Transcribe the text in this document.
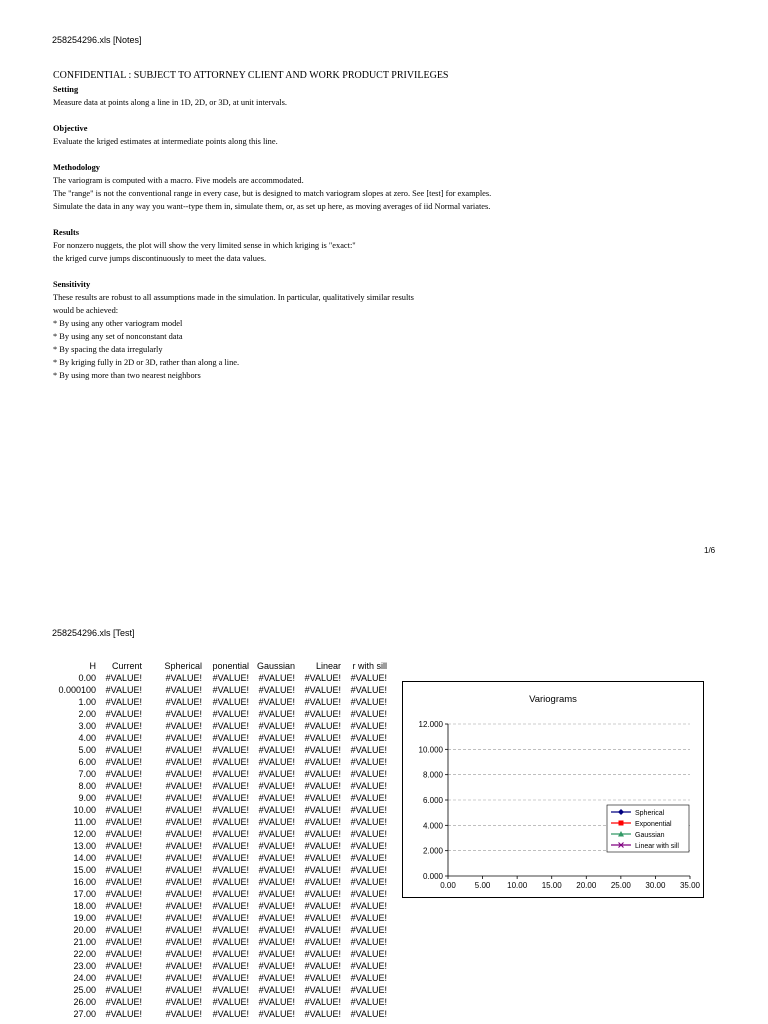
258254296.xls [Notes]
CONFIDENTIAL : SUBJECT TO ATTORNEY CLIENT AND WORK PRODUCT PRIVILEGES
Setting
Measure data at points along a line in 1D, 2D, or 3D, at unit intervals.
Objective
Evaluate the kriged estimates at intermediate points along this line.
Methodology
The variogram is computed with a macro. Five models are accommodated.
The "range" is not the conventional range in every case, but is designed to match variogram slopes at zero. See [test] for examples.
Simulate the data in any way you want--type them in, simulate them, or, as set up here, as moving averages of iid Normal variates.
Results
For nonzero nuggets, the plot will show the very limited sense in which kriging is "exact:"
the kriged curve jumps discontinuously to meet the data values.
Sensitivity
These results are robust to all assumptions made in the simulation. In particular, qualitatively similar results
would be achieved:
* By using any other variogram model
* By using any set of nonconstant data
* By spacing the data irregularly
* By kriging fully in 2D or 3D, rather than along a line.
* By using more than two nearest neighbors
1/6
258254296.xls [Test]
H	Current	Spherical	ponential	Gaussian	Linear	r with sill
0.00	#VALUE!	#VALUE!	#VALUE!	#VALUE!	#VALUE!	#VALUE!
0.000100	#VALUE!	#VALUE!	#VALUE!	#VALUE!	#VALUE!	#VALUE!
1.00	#VALUE!	#VALUE!	#VALUE!	#VALUE!	#VALUE!	#VALUE!
2.00	#VALUE!	#VALUE!	#VALUE!	#VALUE!	#VALUE!	#VALUE!
3.00	#VALUE!	#VALUE!	#VALUE!	#VALUE!	#VALUE!	#VALUE!
4.00	#VALUE!	#VALUE!	#VALUE!	#VALUE!	#VALUE!	#VALUE!
5.00	#VALUE!	#VALUE!	#VALUE!	#VALUE!	#VALUE!	#VALUE!
6.00	#VALUE!	#VALUE!	#VALUE!	#VALUE!	#VALUE!	#VALUE!
7.00	#VALUE!	#VALUE!	#VALUE!	#VALUE!	#VALUE!	#VALUE!
8.00	#VALUE!	#VALUE!	#VALUE!	#VALUE!	#VALUE!	#VALUE!
9.00	#VALUE!	#VALUE!	#VALUE!	#VALUE!	#VALUE!	#VALUE!
10.00	#VALUE!	#VALUE!	#VALUE!	#VALUE!	#VALUE!	#VALUE!
11.00	#VALUE!	#VALUE!	#VALUE!	#VALUE!	#VALUE!	#VALUE!
12.00	#VALUE!	#VALUE!	#VALUE!	#VALUE!	#VALUE!	#VALUE!
13.00	#VALUE!	#VALUE!	#VALUE!	#VALUE!	#VALUE!	#VALUE!
14.00	#VALUE!	#VALUE!	#VALUE!	#VALUE!	#VALUE!	#VALUE!
15.00	#VALUE!	#VALUE!	#VALUE!	#VALUE!	#VALUE!	#VALUE!
16.00	#VALUE!	#VALUE!	#VALUE!	#VALUE!	#VALUE!	#VALUE!
17.00	#VALUE!	#VALUE!	#VALUE!	#VALUE!	#VALUE!	#VALUE!
18.00	#VALUE!	#VALUE!	#VALUE!	#VALUE!	#VALUE!	#VALUE!
19.00	#VALUE!	#VALUE!	#VALUE!	#VALUE!	#VALUE!	#VALUE!
20.00	#VALUE!	#VALUE!	#VALUE!	#VALUE!	#VALUE!	#VALUE!
21.00	#VALUE!	#VALUE!	#VALUE!	#VALUE!	#VALUE!	#VALUE!
22.00	#VALUE!	#VALUE!	#VALUE!	#VALUE!	#VALUE!	#VALUE!
23.00	#VALUE!	#VALUE!	#VALUE!	#VALUE!	#VALUE!	#VALUE!
24.00	#VALUE!	#VALUE!	#VALUE!	#VALUE!	#VALUE!	#VALUE!
25.00	#VALUE!	#VALUE!	#VALUE!	#VALUE!	#VALUE!	#VALUE!
26.00	#VALUE!	#VALUE!	#VALUE!	#VALUE!	#VALUE!	#VALUE!
27.00	#VALUE!	#VALUE!	#VALUE!	#VALUE!	#VALUE!	#VALUE!
Variograms
0.000
2.000
4.000
6.000
8.000
10.000
12.000
0.00 5.00 10.00 15.00 20.00 25.00 30.00 35.00
Spherical
Exponential
Gaussian
Linear with sill
